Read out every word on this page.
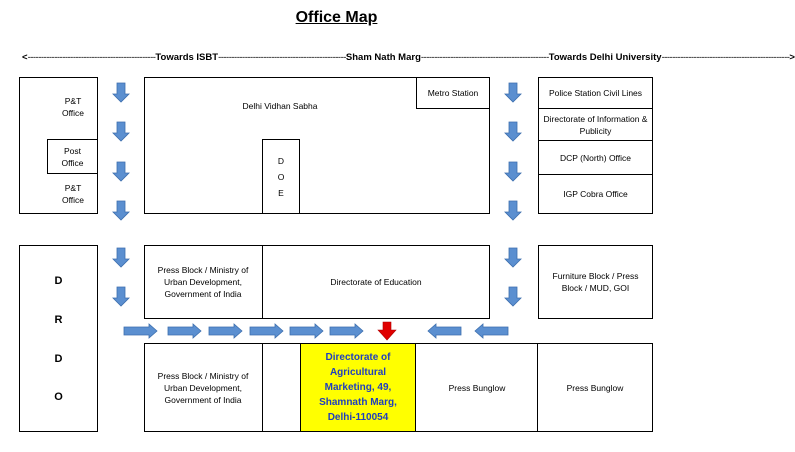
Office Map
< ------------------------------------------------ Towards ISBT ------------------------------------------------ Sham Nath Marg ------------------------------------------------ Towards Delhi University ------------------------------------------------ >
P&T Office
Post Office
P&T Office
Delhi Vidhan Sabha
Metro Station
D
O
E
Police Station Civil Lines
Directorate of Information & Publicity
DCP (North) Office
IGP Cobra Office
D
R
D
O
Press Block / Ministry of Urban Development, Government of India
Directorate of Education
Furniture Block / Press Block / MUD, GOI
Press Block / Ministry of Urban Development, Government of India
Directorate of Agricultural Marketing, 49, Shamnath Marg, Delhi-110054
Press Bunglow	Press Bunglow
